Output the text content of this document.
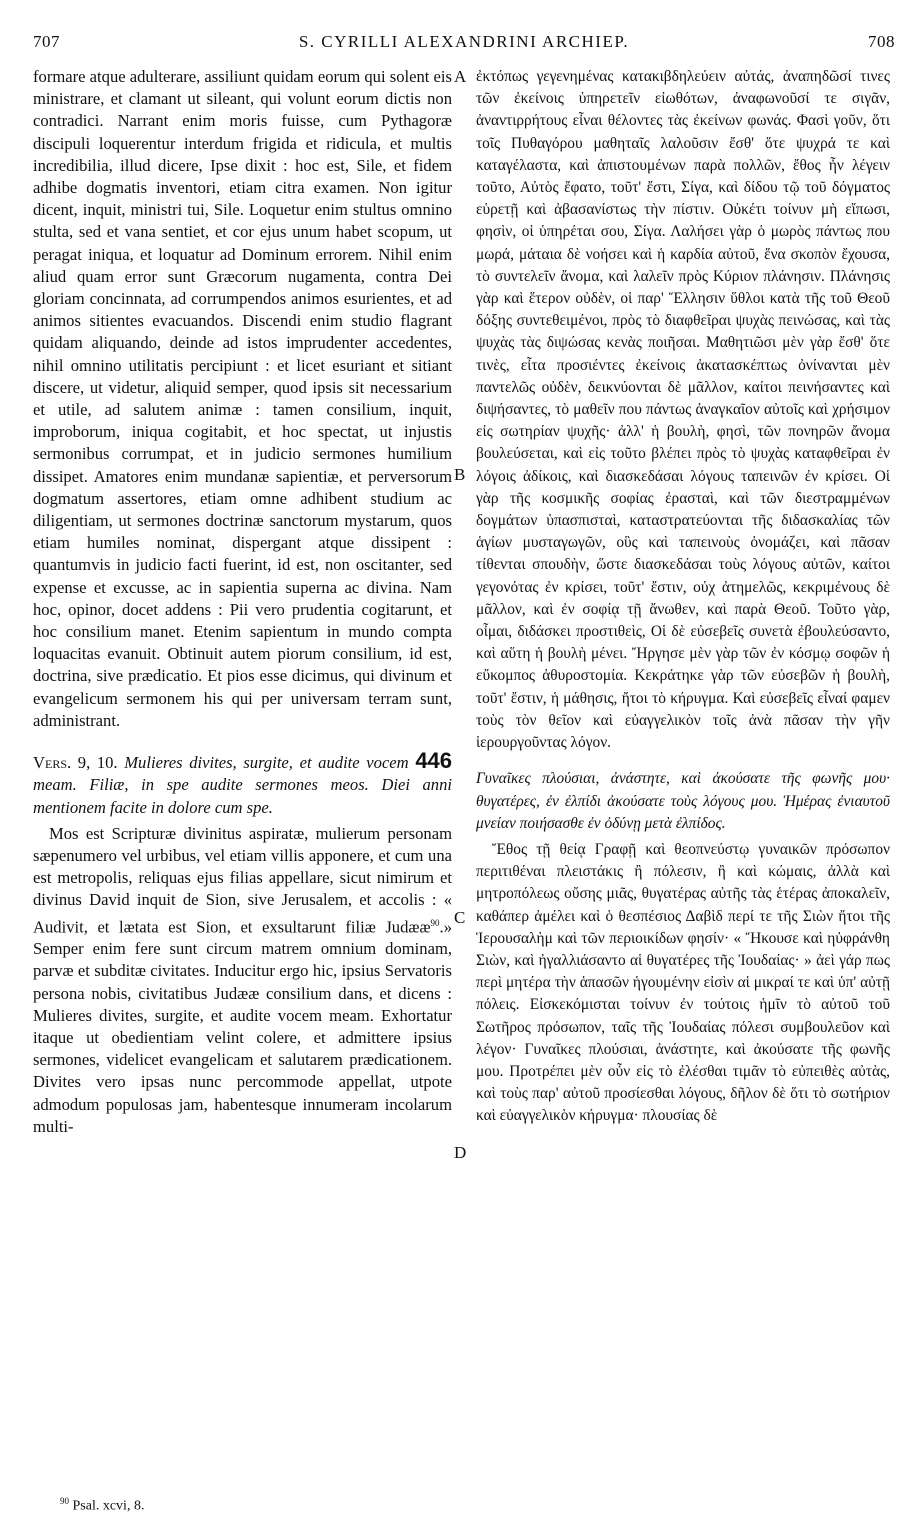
707	S. CYRILLI ALEXANDRINI ARCHIEP.	708

formare atque adulterare, assiliunt quidam eorum qui solent eis ministrare, et clamant ut sileant, qui volunt eorum dictis non contradici. Narrant enim moris fuisse, cum Pythagoræ discipuli loquerentur interdum frigida et ridicula, et multis incredibilia, illud dicere, Ipse dixit : hoc est, Sile, et fidem adhibe dogmatis inventori, etiam citra examen. Non igitur dicent, inquit, ministri tui, Sile. Loquetur enim stultus omnino stulta, sed et vana sentiet, et cor ejus unum habet scopum, ut peragat iniqua, et loquatur ad Dominum errorem. Nihil enim aliud quam error sunt Græcorum nugamenta, contra Dei gloriam concinnata, ad corrumpendos animos esurientes, et ad animos sitientes evacuandos. Discendi enim studio flagrant quidam aliquando, deinde ad istos imprudenter accedentes, nihil omnino utilitatis percipiunt : et licet esuriant et sitiant discere, ut videtur, aliquid semper, quod ipsis sit necessarium et utile, ad salutem animæ : tamen consilium, inquit, improborum, iniqua cogitabit, et hoc spectat, ut injustis sermonibus corrumpat, et in judicio sermones humilium dissipet. Amatores enim mundanæ sapientiæ, et perversorum dogmatum assertores, etiam omne adhibent studium ac diligentiam, ut sermones doctrinæ sanctorum mystarum, quos etiam humiles nominat, dispergant atque dissipent : quantumvis in judicio facti fuerint, id est, non oscitanter, sed expense et excusse, ac in sapientia superna ac divina. Nam hoc, opinor, docet addens : Pii vero prudentia cogitarunt, et hoc consilium manet. Etenim sapientum in mundo compta loquacitas evanuit. Obtinuit autem piorum consilium, id est, doctrina, sive prædicatio. Et pios esse dicimus, qui divinum et evangelicum sermonem his qui per universam terram sunt, administrant.

Vers. 9, 10. Mulieres divites, surgite, et audite vocem 446 meam. Filiæ, in spe audite sermones meos. Diei anni mentionem facite in dolore cum spe.

Mos est Scripturæ divinitus aspiratæ, mulierum personam sæpenumero vel urbibus, vel etiam villis apponere, et cum una est metropolis, reliquas ejus filias appellare, sicut nimirum et divinus David inquit de Sion, sive Jerusalem, et accolis : « Audivit, et lætata est Sion, et exsultarunt filiæ Judææ$^{90}$.» Semper enim fere sunt circum matrem omnium dominam, parvæ et subditæ civitates. Inducitur ergo hic, ipsius Servatoris persona nobis, civitatibus Judææ consilium dans, et dicens : Mulieres divites, surgite, et audite vocem meam. Exhortatur itaque ut obedientiam velint colere, et admittere ipsius sermones, videlicet evangelicam et salutarem prædicationem. Divites vero ipsas nunc percommode appellat, utpote admodum populosas jam, habentesque innumeram incolarum multi-

ἐκτόπως γεγενημένας κατακιβδηλεύειν αὐτάς, ἀναπηδῶσί τινες τῶν ἐκείνοις ὑπηρετεῖν εἰωθότων, ἀναφωνοῦσί τε σιγᾶν, ἀναντιρρήτους εἶναι θέλοντες τὰς ἐκείνων φωνάς. Φασὶ γοῦν, ὅτι τοῖς Πυθαγόρου μαθηταῖς λαλοῦσιν ἔσθ' ὅτε ψυχρά τε καὶ καταγέλαστα, καὶ ἀπιστουμένων παρὰ πολλῶν, ἔθος ἦν λέγειν τοῦτο, Αὐτὸς ἔφατο, τοῦτ' ἔστι, Σίγα, καὶ δίδου τῷ τοῦ δόγματος εὑρετῇ καὶ ἀβασανίστως τὴν πίστιν. Οὐκέτι τοίνυν μὴ εἴπωσι, φησὶν, οἱ ὑπηρέται σου, Σίγα. Λαλήσει γὰρ ὁ μωρὸς πάντως που μωρά, μάταια δὲ νοήσει καὶ ἡ καρδία αὐτοῦ, ἕνα σκοπὸν ἔχουσα, τὸ συντελεῖν ἄνομα, καὶ λαλεῖν πρὸς Κύριον πλάνησιν. Πλάνησις γὰρ καὶ ἕτερον οὐδὲν, οἱ παρ' Ἕλλησιν ὕθλοι κατὰ τῆς τοῦ Θεοῦ δόξης συντεθειμένοι, πρὸς τὸ διαφθεῖραι ψυχὰς πεινώσας, καὶ τὰς ψυχὰς τὰς διψώσας κενὰς ποιῆσαι. Μαθητιῶσι μὲν γὰρ ἔσθ' ὅτε τινὲς, εἶτα προσιέντες ἐκείνοις ἀκατασκέπτως ὀνίνανται μὲν παντελῶς οὐδὲν, δεικνύονται δὲ μᾶλλον, καίτοι πεινήσαντες καὶ διψήσαντες, τὸ μαθεῖν που πάντως ἀναγκαῖον αὐτοῖς καὶ χρήσιμον εἰς σωτηρίαν ψυχῆς· ἀλλ' ἡ βουλὴ, φησὶ, τῶν πονηρῶν ἄνομα βουλεύσεται, καὶ εἰς τοῦτο βλέπει πρὸς τὸ ψυχὰς καταφθεῖραι ἐν λόγοις ἀδίκοις, καὶ διασκεδάσαι λόγους ταπεινῶν ἐν κρίσει. Οἱ γὰρ τῆς κοσμικῆς σοφίας ἐρασταὶ, καὶ τῶν διεστραμμένων δογμάτων ὑπασπισταὶ, καταστρατεύονται τῆς διδασκαλίας τῶν ἁγίων μυσταγωγῶν, οὓς καὶ ταπεινοὺς ὀνομάζει, καὶ πᾶσαν τίθενται σπουδὴν, ὥστε διασκεδάσαι τοὺς λόγους αὐτῶν, καίτοι γεγονότας ἐν κρίσει, τοῦτ' ἔστιν, οὐχ ἀτημελῶς, κεκριμένους δὲ μᾶλλον, καὶ ἐν σοφίᾳ τῇ ἄνωθεν, καὶ παρὰ Θεοῦ. Τοῦτο γὰρ, οἶμαι, διδάσκει προστιθεὶς, Οἱ δὲ εὐσεβεῖς συνετὰ ἐβουλεύσαντο, καὶ αὕτη ἡ βουλὴ μένει. Ἤργησε μὲν γὰρ τῶν ἐν κόσμῳ σοφῶν ἡ εὔκομπος ἀθυροστομία. Κεκράτηκε γὰρ τῶν εὐσεβῶν ἡ βουλὴ, τοῦτ' ἔστιν, ἡ μάθησις, ἤτοι τὸ κήρυγμα. Καὶ εὐσεβεῖς εἶναί φαμεν τοὺς τὸν θεῖον καὶ εὐαγγελικὸν τοῖς ἀνὰ πᾶσαν τὴν γῆν ἱερουργοῦντας λόγον.

Γυναῖκες πλούσιαι, ἀνάστητε, καὶ ἀκούσατε τῆς φωνῆς μου· θυγατέρες, ἐν ἐλπίδι ἀκούσατε τοὺς λόγους μου. Ἡμέρας ἐνιαυτοῦ μνείαν ποιήσασθε ἐν ὀδύνῃ μετὰ ἐλπίδος.

Ἔθος τῇ θείᾳ Γραφῇ καὶ θεοπνεύστῳ γυναικῶν πρόσωπον περιτιθέναι πλειστάκις ἢ πόλεσιν, ἢ καὶ κώμαις, ἀλλὰ καὶ μητροπόλεως οὔσης μιᾶς, θυγατέρας αὐτῆς τὰς ἑτέρας ἀποκαλεῖν, καθάπερ ἀμέλει καὶ ὁ θεσπέσιος Δαβὶδ περί τε τῆς Σιὼν ἤτοι τῆς Ἱερουσαλὴμ καὶ τῶν περιοικίδων φησίν· « Ἤκουσε καὶ ηὐφράνθη Σιὼν, καὶ ἠγαλλιάσαντο αἱ θυγατέρες τῆς Ἰουδαίας· » ἀεὶ γάρ πως περὶ μητέρα τὴν ἁπασῶν ἡγουμένην εἰσὶν αἱ μικραί τε καὶ ὑπ' αὐτῇ πόλεις. Εἰσκεκόμισται τοίνυν ἐν τούτοις ἡμῖν τὸ αὐτοῦ τοῦ Σωτῆρος πρόσωπον, ταῖς τῆς Ἰουδαίας πόλεσι συμβουλεῦον καὶ λέγον· Γυναῖκες πλούσιαι, ἀνάστητε, καὶ ἀκούσατε τῆς φωνῆς μου. Προτρέπει μὲν οὖν εἰς τὸ ἐλέσθαι τιμᾶν τὸ εὐπειθὲς αὐτὰς, καὶ τοὺς παρ' αὐτοῦ προσίεσθαι λόγους, δῆλον δὲ ὅτι τὸ σωτήριον καὶ εὐαγγελικὸν κήρυγμα· πλουσίας δὲ

A
B
C
D
$^{90}$ Psal. xcvi, 8.
